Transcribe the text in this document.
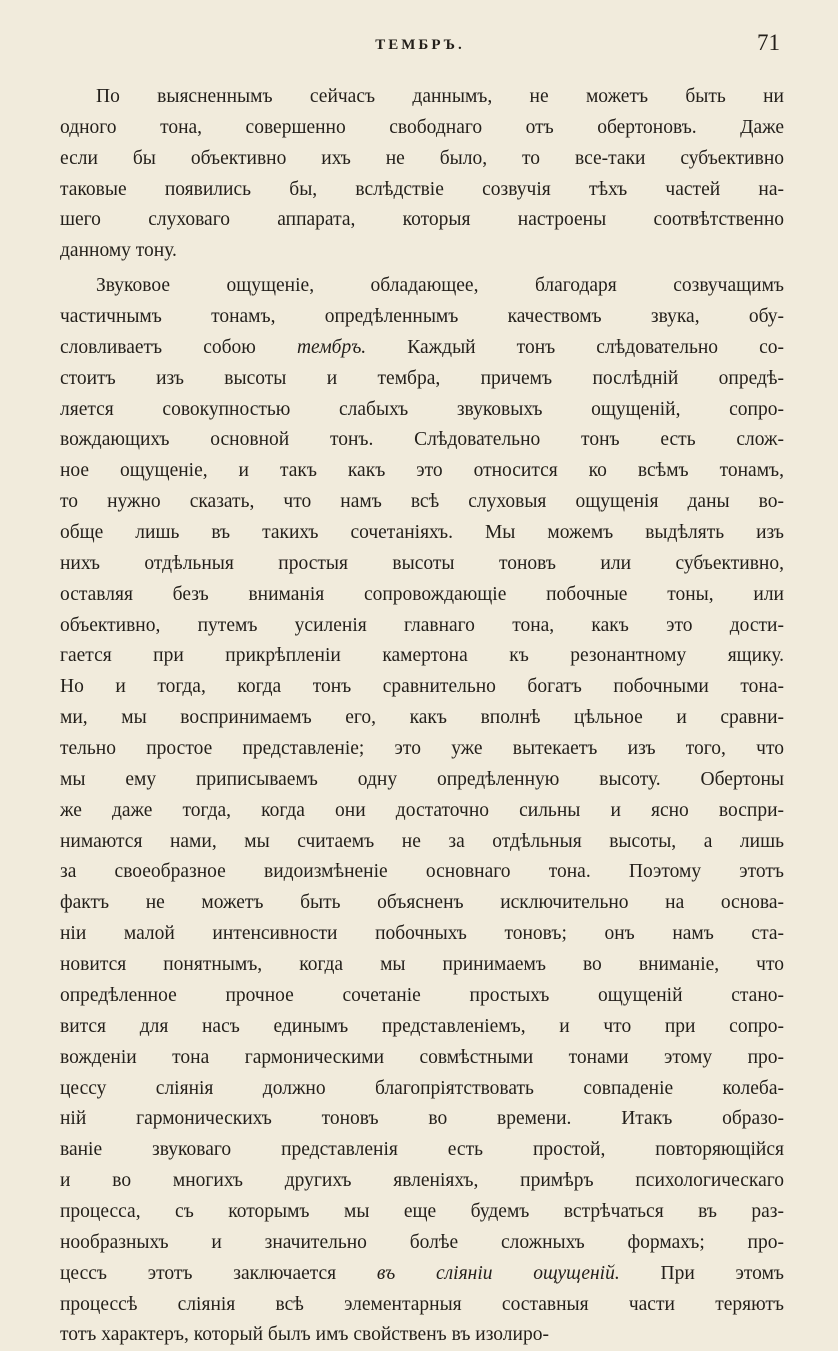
ТЕМБРЪ.	71
По выясненнымъ сейчасъ даннымъ, не можетъ быть ни
одного тона, совершенно свободнаго отъ обертоновъ. Даже
если бы объективно ихъ не было, то все-таки субъективно
таковые появились бы, вслѣдствіе созвучія тѣхъ частей на-
шего слуховаго аппарата, которыя настроены соотвѣтственно
данному тону.
Звуковое ощущеніе, обладающее, благодаря созвучащимъ
частичнымъ тонамъ, опредѣленнымъ качествомъ звука, обу-
словливаетъ собою тембръ. Каждый тонъ слѣдовательно со-
стоитъ изъ высоты и тембра, причемъ послѣдній опредѣ-
ляется совокупностью слабыхъ звуковыхъ ощущеній, сопро-
вождающихъ основной тонъ. Слѣдовательно тонъ есть слож-
ное ощущеніе, и такъ какъ это относится ко всѣмъ тонамъ,
то нужно сказать, что намъ всѣ слуховыя ощущенія даны во-
обще лишь въ такихъ сочетаніяхъ. Мы можемъ выдѣлять изъ
нихъ отдѣльныя простыя высоты тоновъ или субъективно,
оставляя безъ вниманія сопровождающіе побочные тоны, или
объективно, путемъ усиленія главнаго тона, какъ это дости-
гается при прикрѣпленіи камертона къ резонантному ящику.
Но и тогда, когда тонъ сравнительно богатъ побочными тона-
ми, мы воспринимаемъ его, какъ вполнѣ цѣльное и сравни-
тельно простое представленіе; это уже вытекаетъ изъ того, что
мы ему приписываемъ одну опредѣленную высоту. Обертоны
же даже тогда, когда они достаточно сильны и ясно воспри-
нимаются нами, мы считаемъ не за отдѣльныя высоты, а лишь
за своеобразное видоизмѣненіе основнаго тона. Поэтому этотъ
фактъ не можетъ быть объясненъ исключительно на основа-
ніи малой интенсивности побочныхъ тоновъ; онъ намъ ста-
новится понятнымъ, когда мы принимаемъ во вниманіе, что
опредѣленное прочное сочетаніе простыхъ ощущеній стано-
вится для насъ единымъ представленіемъ, и что при сопро-
вожденіи тона гармоническими совмѣстными тонами этому про-
цессу сліянія должно благопріятствовать совпаденіе колеба-
ній гармоническихъ тоновъ во времени. Итакъ образо-
ваніе звуковаго представленія есть простой, повторяющійся
и во многихъ другихъ явленіяхъ, примѣръ психологическаго
процесса, съ которымъ мы еще будемъ встрѣчаться въ раз-
нообразныхъ и значительно болѣе сложныхъ формахъ; про-
цессъ этотъ заключается въ сліяніи ощущеній. При этомъ
процессѣ сліянія всѣ элементарныя составныя части теряютъ
тотъ характеръ, который былъ имъ свойственъ въ изолиро-
